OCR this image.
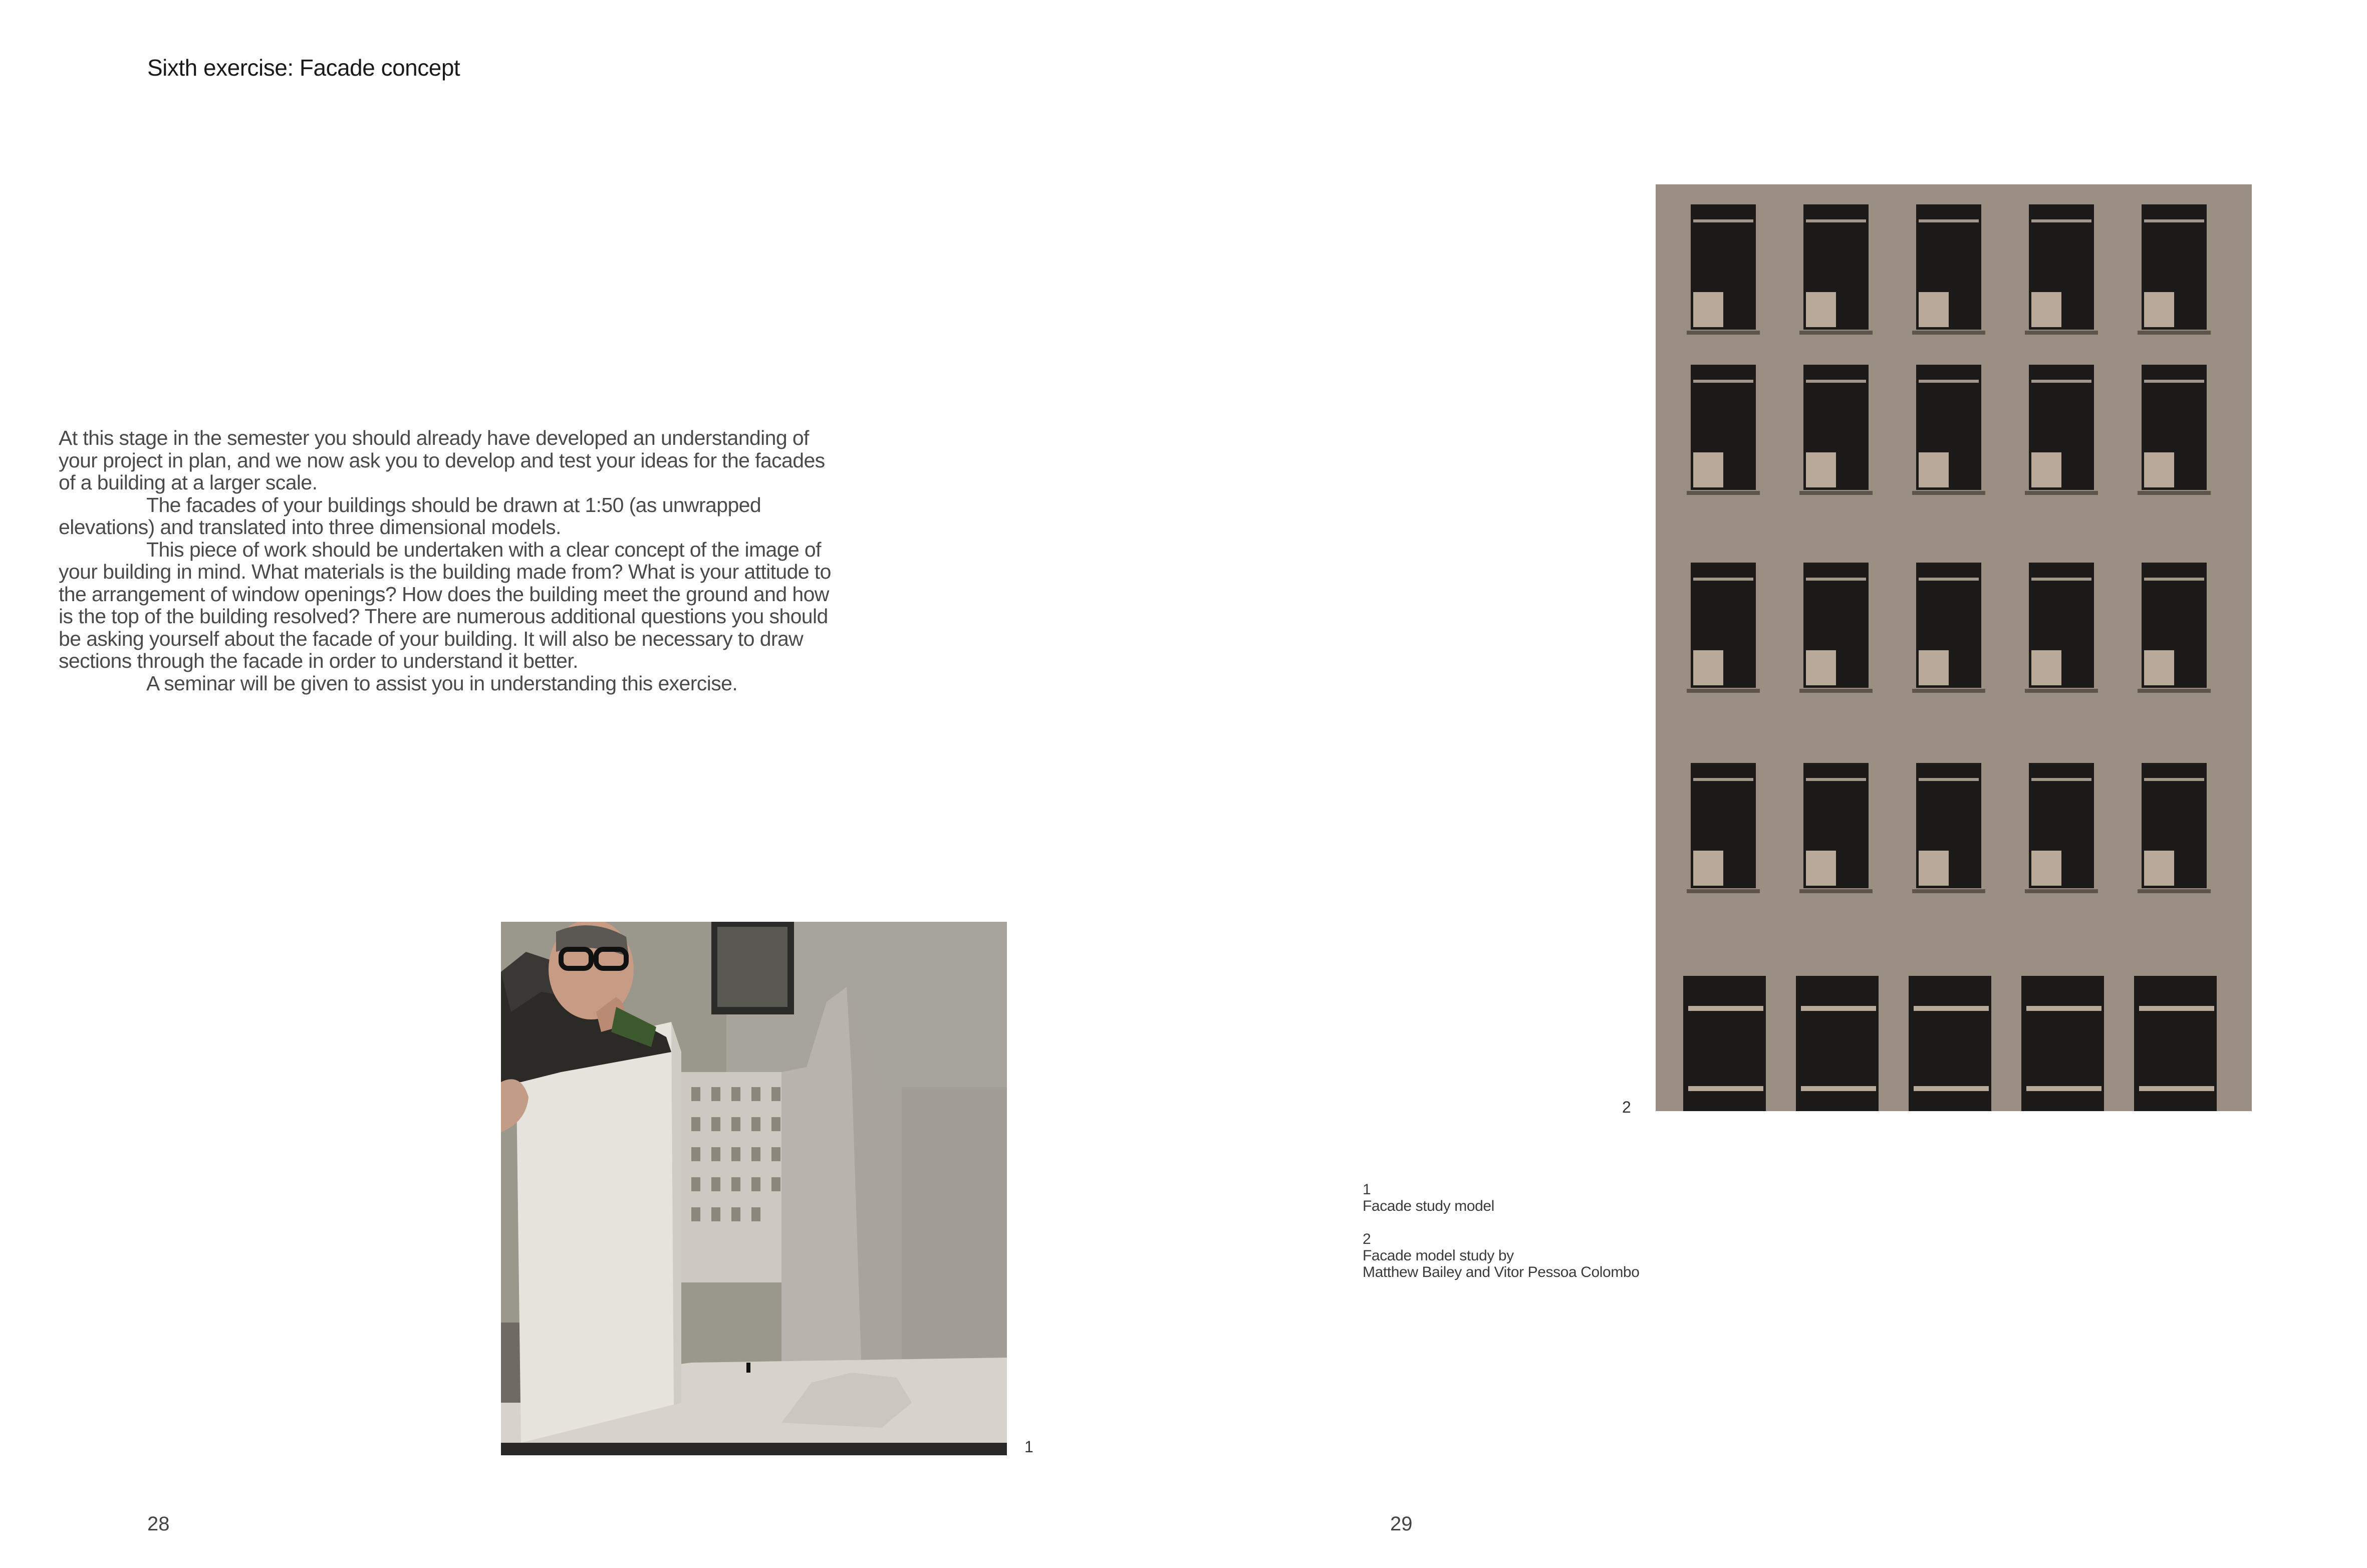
Sixth exercise: Facade concept

At this stage in the semester you should already have developed an understanding of your project in plan, and we now ask you to develop and test your ideas for the facades of a building at a larger scale.

The facades of your buildings should be drawn at 1:50 (as unwrapped elevations) and translated into three dimensional models.

This piece of work should be undertaken with a clear concept of the image of your building in mind. What materials is the building made from? What is your attitude to the arrangement of window openings? How does the building meet the ground and how is the top of the building resolved? There are numerous additional questions you should be asking yourself about the facade of your building. It will also be necessary to draw sections through the facade in order to understand it better.

A seminar will be given to assist you in understanding this exercise.

1
2
1
Facade study model
2
Facade model study by
Matthew Bailey and Vitor Pessoa Colombo
28	29
